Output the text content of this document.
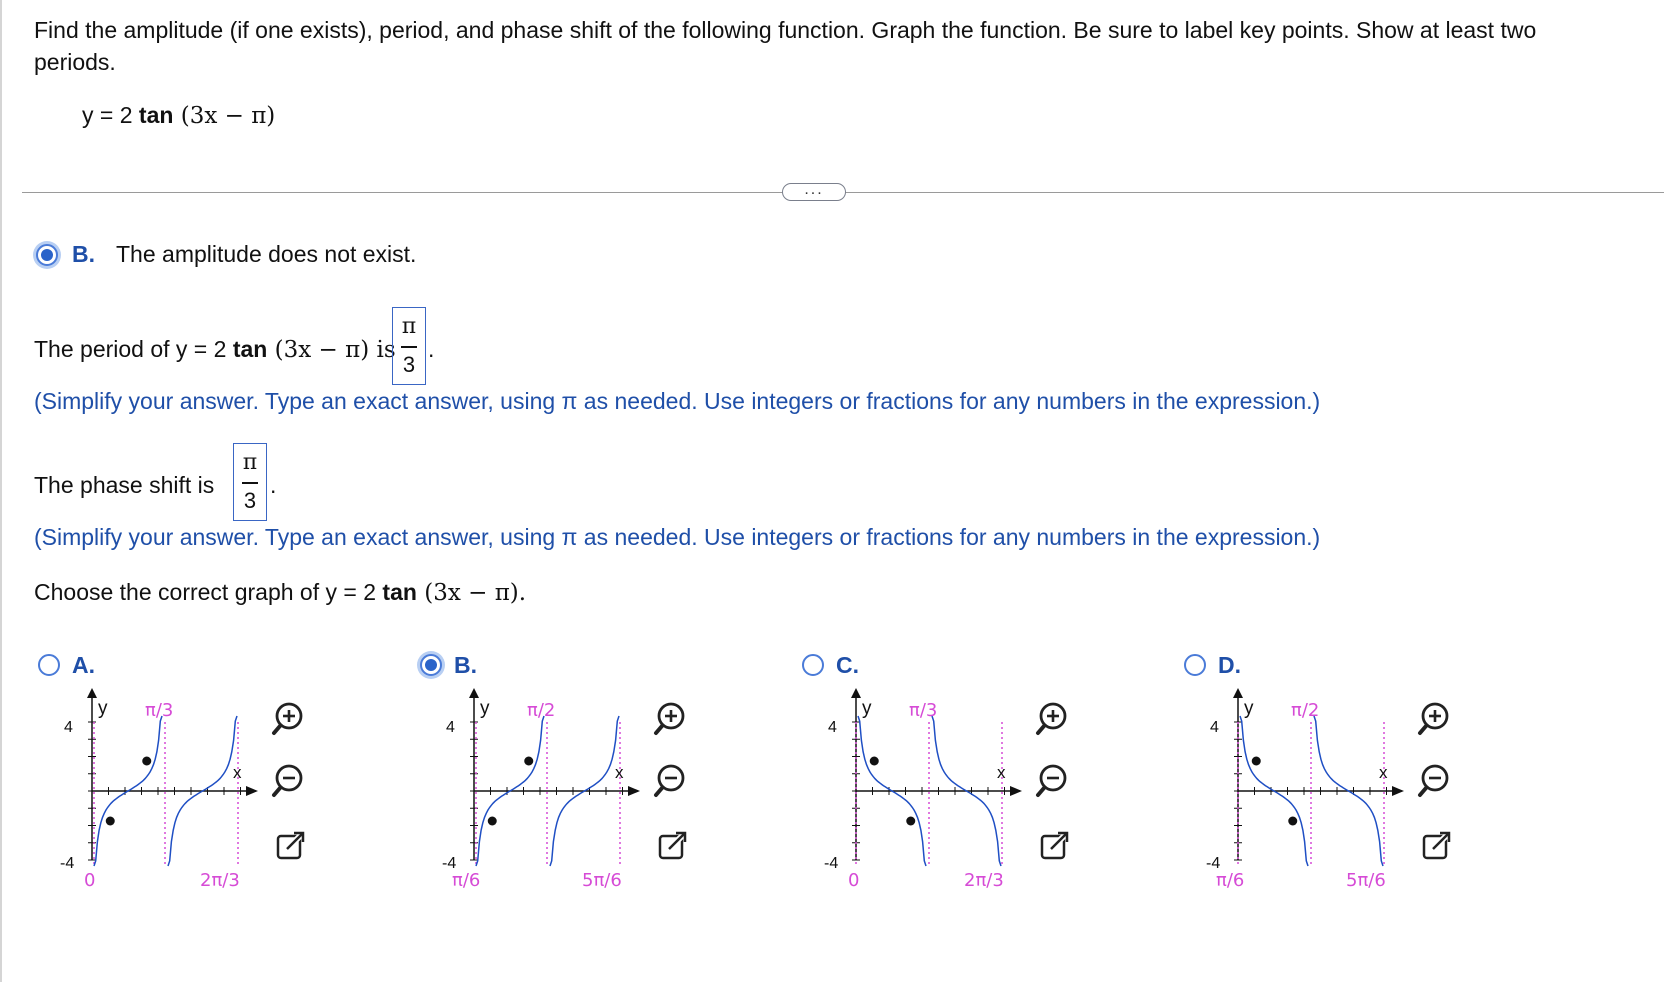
Find the amplitude (if one exists), period, and phase shift of the following function. Graph the function. Be sure to label key points. Show at least two periods.
y = 2 tan (3x − π)
...
B. The amplitude does not exist.
The period of y = 2 tan (3x − π) is
π
3
.
(Simplify your answer. Type an exact answer, using π as needed. Use integers or fractions for any numbers in the expression.)
The phase shift is
π
3
.
(Simplify your answer. Type an exact answer, using π as needed. Use integers or fractions for any numbers in the expression.)
Choose the correct graph of y = 2 tan (3x − π).
A.
y
x
4
-4
π/3
0	2π/3
B.
y
x
4
-4
π/2
π/6	5π/6
C.
y
x
4
-4
π/3
0	2π/3
D.
y
x
4
-4
π/2
π/6	5π/6
